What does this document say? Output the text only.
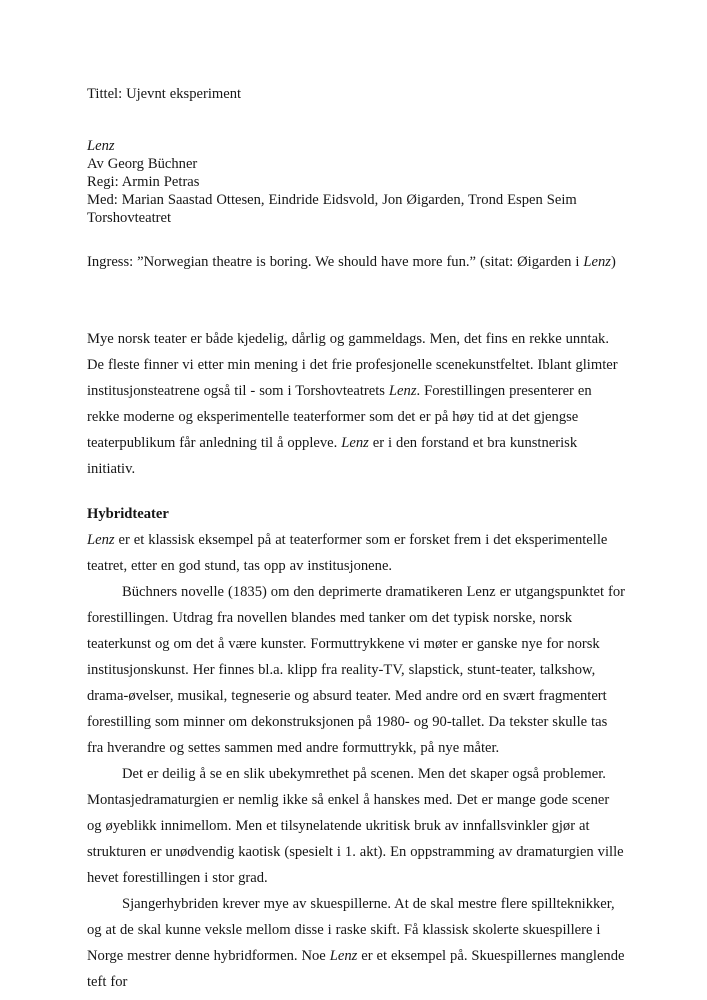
Tittel: Ujevnt eksperiment

Lenz

Av Georg Büchner

Regi: Armin Petras

Med: Marian Saastad Ottesen, Eindride Eidsvold, Jon Øigarden, Trond Espen Seim

Torshovteatret

Ingress: ”Norwegian theatre is boring. We should have more fun.” (sitat: Øigarden i Lenz)

Mye norsk teater er både kjedelig, dårlig og gammeldags. Men, det fins en rekke unntak. De fleste finner vi etter min mening i det frie profesjonelle scenekunstfeltet. Iblant glimter institusjonsteatrene også til - som i Torshovteatrets Lenz. Forestillingen presenterer en rekke moderne og eksperimentelle teaterformer som det er på høy tid at det gjengse teaterpublikum får anledning til å oppleve. Lenz er i den forstand et bra kunstnerisk initiativ.

Hybridteater

Lenz er et klassisk eksempel på at teaterformer som er forsket frem i det eksperimentelle teatret, etter en god stund, tas opp av institusjonene.

Büchners novelle (1835) om den deprimerte dramatikeren Lenz er utgangspunktet for forestillingen. Utdrag fra novellen blandes med tanker om det typisk norske, norsk teaterkunst og om det å være kunster. Formuttrykkene vi møter er ganske nye for norsk institusjonskunst. Her finnes bl.a. klipp fra reality-TV, slapstick, stunt-teater, talkshow, drama-øvelser, musikal, tegneserie og absurd teater. Med andre ord en svært fragmentert forestilling som minner om dekonstruksjonen på 1980- og 90-tallet. Da tekster skulle tas fra hverandre og settes sammen med andre formuttrykk, på nye måter.

Det er deilig å se en slik ubekymrethet på scenen. Men det skaper også problemer. Montasjedramaturgien er nemlig ikke så enkel å hanskes med. Det er mange gode scener og øyeblikk innimellom. Men et tilsynelatende ukritisk bruk av innfallsvinkler gjør at strukturen er unødvendig kaotisk (spesielt i 1. akt). En oppstramming av dramaturgien ville hevet forestillingen i stor grad.

Sjangerhybriden krever mye av skuespillerne. At de skal mestre flere spillteknikker, og at de skal kunne veksle mellom disse i raske skift. Få klassisk skolerte skuespillere i Norge mestrer denne hybridformen. Noe Lenz er et eksempel på. Skuespillernes manglende teft for
